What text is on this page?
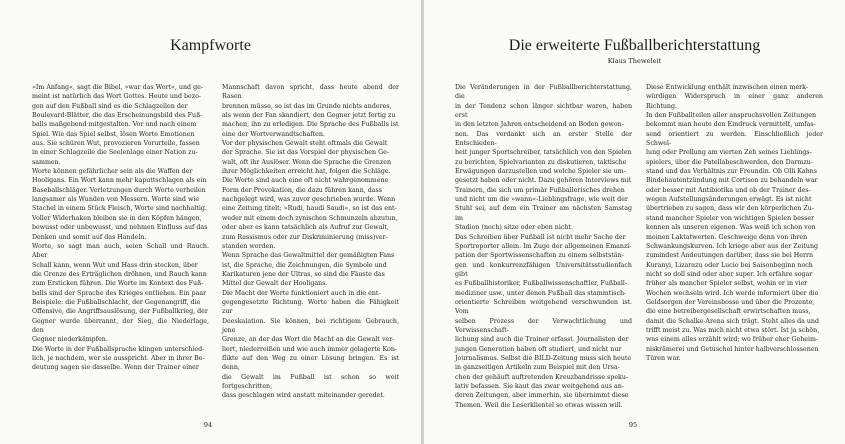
Kampfworte

»Im Anfang«, sagt die Bibel, »war das Wort«, und ge-

meint ist natürlich das Wort Gottes. Heute und bezo-

gen auf den Fußball sind es die Schlagzeilen der

Boulevard-Blätter, die das Erscheinungsbild des Fuß-

balls maßgebend mitgestalten. Vor und nach einem

Spiel. Wie das Spiel selbst, lösen Worte Emotionen

aus. Sie schüren Wut, provozieren Vorurteile, fassen

in einer Schlagzeile die Seelenlage einer Nation zu-

sammen.

Worte können gefährlicher sein als die Waffen der

Hooligans. Ein Wort kann mehr kaputtschlagen als ein

Baseballschläger. Verletzungen durch Worte verheilen

langsamer als Wunden von Messern. Worte sind wie

Stachel in einem Stück Fleisch, Worte sind nachhaltig.

Voller Widerhaken bleiben sie in den Köpfen hängen,

bewusst oder unbewusst, und nehmen Einfluss auf das

Denken und somit auf das Handeln.

Worte, so sagt man auch, seien Schall und Rauch. Aber

Schall kann, wenn Wut und Hass drin stecken, über

die Grenze des Erträglichen dröhnen, und Rauch kann

zum Ersticken führen. Die Worte im Kontext des Fuß-

balls sind der Sprache des Krieges entliehen. Ein paar

Beispiele: die Fußballschlacht, der Gegenangriff, die

Offensive, die Angriffsauslösung, der Fußballkrieg, der

Gegner wurde überrannt, der Sieg, die Niederlage, den

Gegner niederkämpfen.

Die Worte in der Fußballsprache klingen unterschied-

lich, je nachdem, wer sie ausspricht. Aber in ihrer Be-

deutung sagen sie dasselbe. Wenn der Trainer einer

Mannschaft davon spricht, dass heute abend der Rasen

brennen müsse, so ist das im Grunde nichts anderes,

als wenn der Fan skandiert, den Gegner jetzt fertig zu

machen, ihn zu erledigen. Die Sprache des Fußballs ist

eine der Wortverwandtschaften.

Vor der physischen Gewalt steht oftmals die Gewalt

der Sprache. Sie ist das Vorspiel der physischen Ge-

walt, oft ihr Auslöser. Wenn die Sprache die Grenzen

ihrer Möglichkeiten erreicht hat, folgen die Schläge.

Die Worte sind auch eine oft nicht wahrgenommene

Form der Provokation, die dazu führen kann, dass

nachgelegt wird, was zuvor geschrieben wurde. Wenn

eine Zeitung titelt: »Rudi, haudi Saudi«, so ist das ent-

weder mit einem doch zynischen Schmunzeln abzutun,

oder aber es kann tatsächlich als Aufruf zur Gewalt,

zum Rassismus oder zur Diskriminierung (miss)ver-

standen werden.

Wenn Sprache das Gewaltmittel der gemäßigten Fans

ist, die Sprache, die Zeichnungen, die Symbole und

Karikaturen jene der Ultras, so sind die Fäuste das

Mittel der Gewalt der Hooligans.

Die Macht der Worte funktioniert auch in die ent-

gegengesetzte Richtung. Worte haben die Fähigkeit zur

Deeskalation. Sie können, bei richtigem Gebrauch, jene

Grenze, an der das Wort die Macht an die Gewalt ver-

liert, niederreißen und wie auch immer gelagerte Kon-

flikte auf den Weg zu einer Lösung bringen. Es ist denn,

die Gewalt im Fußball ist schon so weit fortgeschritten,

dass geschlagen wird anstatt miteinander geredet.

94
Die erweiterte Fußballberichterstattung
Klaus Theweleit

Die Veränderungen in der Fußballberichterstattung, die

in der Tendenz schon länger sichtbar waren, haben erst

in den letzten Jahren entscheidend an Boden gewon-

nen. Das verdankt sich an erster Stelle der Entschieden-

heit junger Sportschreiber, tatsächlich von den Spielen

zu berichten, Spielvarianten zu diskutieren, taktische

Erwägungen darzustellen und welche Spieler sie um-

gesetzt haben oder nicht. Dazu gehören Interviews mit

Trainern, die sich um primär Fußballerisches drehen

und nicht um die »wann«-Lieblingsfrage, wie weit der

Stuhl sei, auf dem ein Trainer am nächsten Samstag im

Stadion (noch) sitze oder eben nicht.

Das Schreiben über Fußball ist nicht mehr Sache der

Sportreporter allein. Im Zuge der allgemeinen Emanzi-

pation der Sportwissenschaften zu einem selbststän-

gen und konkurrenzfähigen Universitätsstudienfach gibt

es Fußballhistoriker, Fußballwissenschaftler, Fußball-

mediziner usw., unter denen Fußball das stammtisch-

orientierte Schreiben weitgehend verschwunden ist. Vom

selben Prozess der Verwachtlichung und Verwissenschaft-

lichung sind auch die Trainer erfasst. Journalisten der

jungen Generation haben oft studiert, und nicht nur

Journalismus. Selbst die BILD-Zeitung muss sich heute

in ganzseitigen Artikeln zum Beispiel mit den Ursa-

chen der gehäuft auftretenden Kreuzbandrisse speku-

lativ befassen. Sie kaut das zwar weitgehend aus an-

deren Zeitungen, aber immerhin, sie übernimmt diese

Themen. Weil die Leserklientel so etwas wissen will.

Diese Entwicklung enthält inzwischen einen merk-

würdigen Widerspruch in einer ganz anderen Richtung.

In den Fußballteilen aller anspruchsvollen Zeitungen

bekommt man heute den Eindruck vermittelt, umfas-

send orientiert zu werden. Einschließlich jeder Schwel-

lung oder Prellung am vierten Zeh seines Lieblings-

spielers, über die Patellabeschwerden, den Darmzu-

stand und das Verhältnis zur Freundin. Ob Olli Kahns

Bindehautentzündung mit Cortison zu behandeln war

oder besser mit Antibiotika und ob der Trainer des-

wegen Aufstellungsänderungen erwägt. Es ist nicht

übertrieben zu sagen, dass wir den körperlichen Zu-

stand mancher Spieler von wichtigen Spielen besser

kennen als unseren eigenen. Was weiß ich schon von

meinen Laktatwerten. Geschweige denn von ihren

Schwankungskurven. Ich kriege aber aus der Zeitung

zumindest Andeutungen darüber, dass sie bei Herrn

Kuranyi, Lizarazu oder Lucio bei Saisonbeginn noch

nicht so doll sind oder aber super. Ich erfahre sogar

früher als mancher Spieler selbst, wohin er in vier

Wochen wechseln wird. Ich werde informiert über die

Geldsorgen der Vereinsbosse und über die Prozente,

die eine betreibergesellschaft erwirtschaften muss,

damit die Schalke-Arena sich trägt. Steht alles da und

trifft meist zu. Was mich nicht etwa stört. Ist ja schön,

was einem alles erzählt wird; wo früher eher Geheim-

niskrämerei und Getuschel hinter halbverschlossenen

Türen war.

95
